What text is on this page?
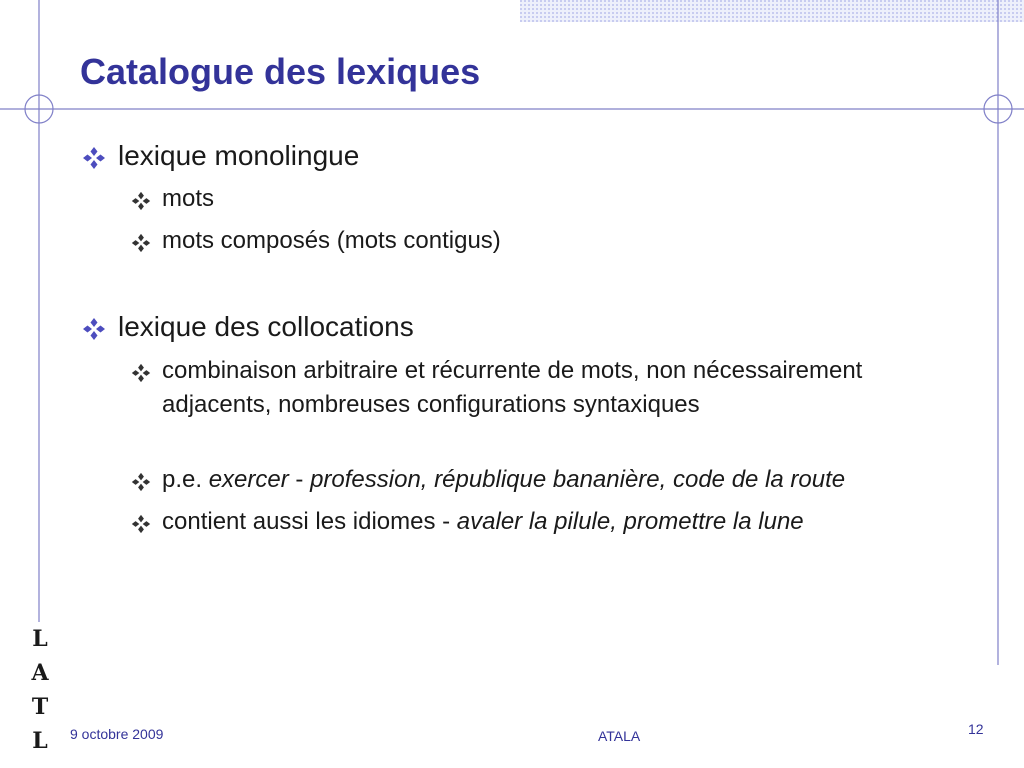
Catalogue des lexiques
lexique monolingue
mots
mots composés (mots contigus)
lexique des collocations
combinaison arbitraire et récurrente de mots, non nécessairement adjacents, nombreuses configurations syntaxiques
p.e. exercer - profession, république bananière, code de la route
contient aussi les idiomes - avaler la pilule, promettre la lune
L
A
T
L	9 octobre 2009	ATALA	12
